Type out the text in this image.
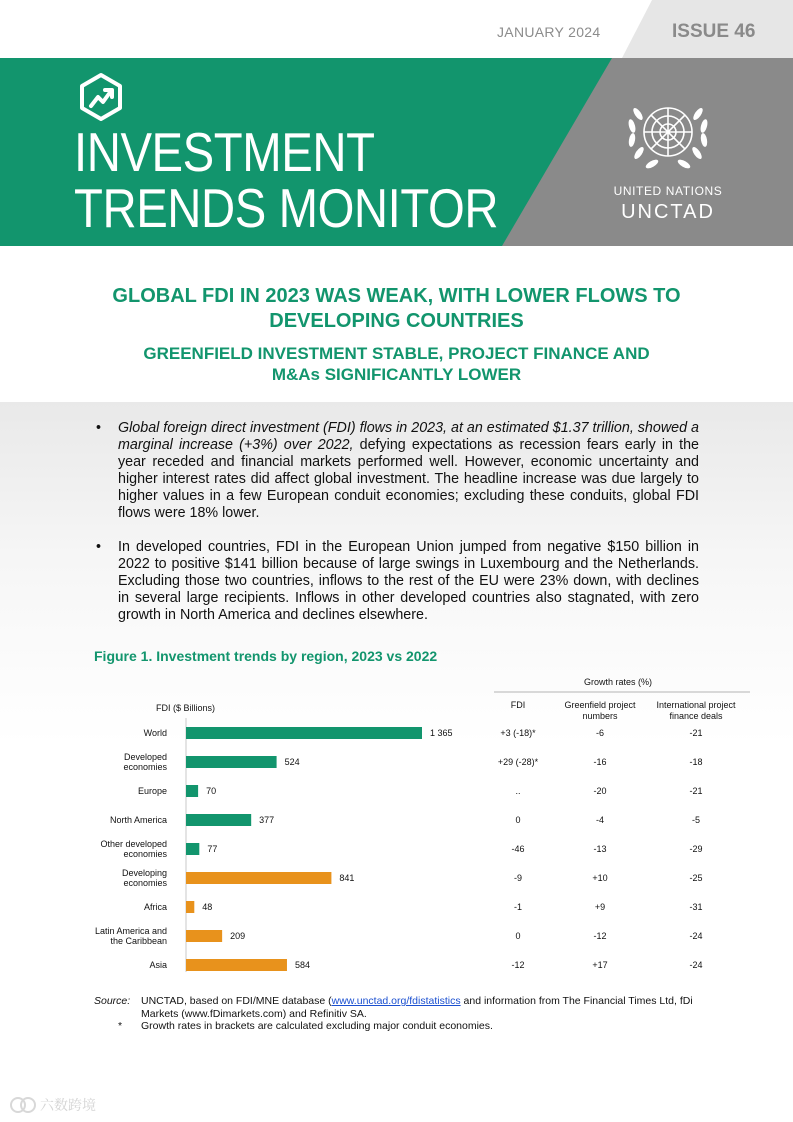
JANUARY 2024	ISSUE 46
INVESTMENT
TRENDS MONITOR	UNITED NATIONS
UNCTAD
GLOBAL FDI IN 2023 WAS WEAK, WITH LOWER FLOWS TO DEVELOPING COUNTRIES
GREENFIELD INVESTMENT STABLE, PROJECT FINANCE AND M&As SIGNIFICANTLY LOWER
• Global foreign direct investment (FDI) flows in 2023, at an estimated $1.37 trillion, showed a marginal increase (+3%) over 2022, defying expectations as recession fears early in the year receded and financial markets performed well. However, economic uncertainty and higher interest rates did affect global investment. The headline increase was due largely to higher values in a few European conduit economies; excluding these conduits, global FDI flows were 18% lower.
• In developed countries, FDI in the European Union jumped from negative $150 billion in 2022 to positive $141 billion because of large swings in Luxembourg and the Netherlands. Excluding those two countries, inflows to the rest of the EU were 23% down, with declines in several large recipients. Inflows in other developed countries also stagnated, with zero growth in North America and declines elsewhere.
Figure 1. Investment trends by region, 2023 vs 2022
Growth rates (%)
FDI	Greenfield project numbers
International project finance deals
FDI ($ Billions)
World	1 365	+3 (-18)*	-6	-21
Developed
economies	524	+29 (-28)*	-16	-18
Europe	70	..	-20	-21
North America	377	0	-4	-5
Other developed
economies	77	-46	-13	-29
Developing
economies	841	-9	+10	-25
Africa	48	-1	+9	-31
Latin America and
the Caribbean	209	0	-12	-24
Asia	584	-12	+17	-24
Source: UNCTAD, based on FDI/MNE database (www.unctad.org/fdistatistics and information from The Financial Times Ltd, fDi Markets (www.fDimarkets.com) and Refinitiv SA.
* Growth rates in brackets are calculated excluding major conduit economies.
六数跨境
